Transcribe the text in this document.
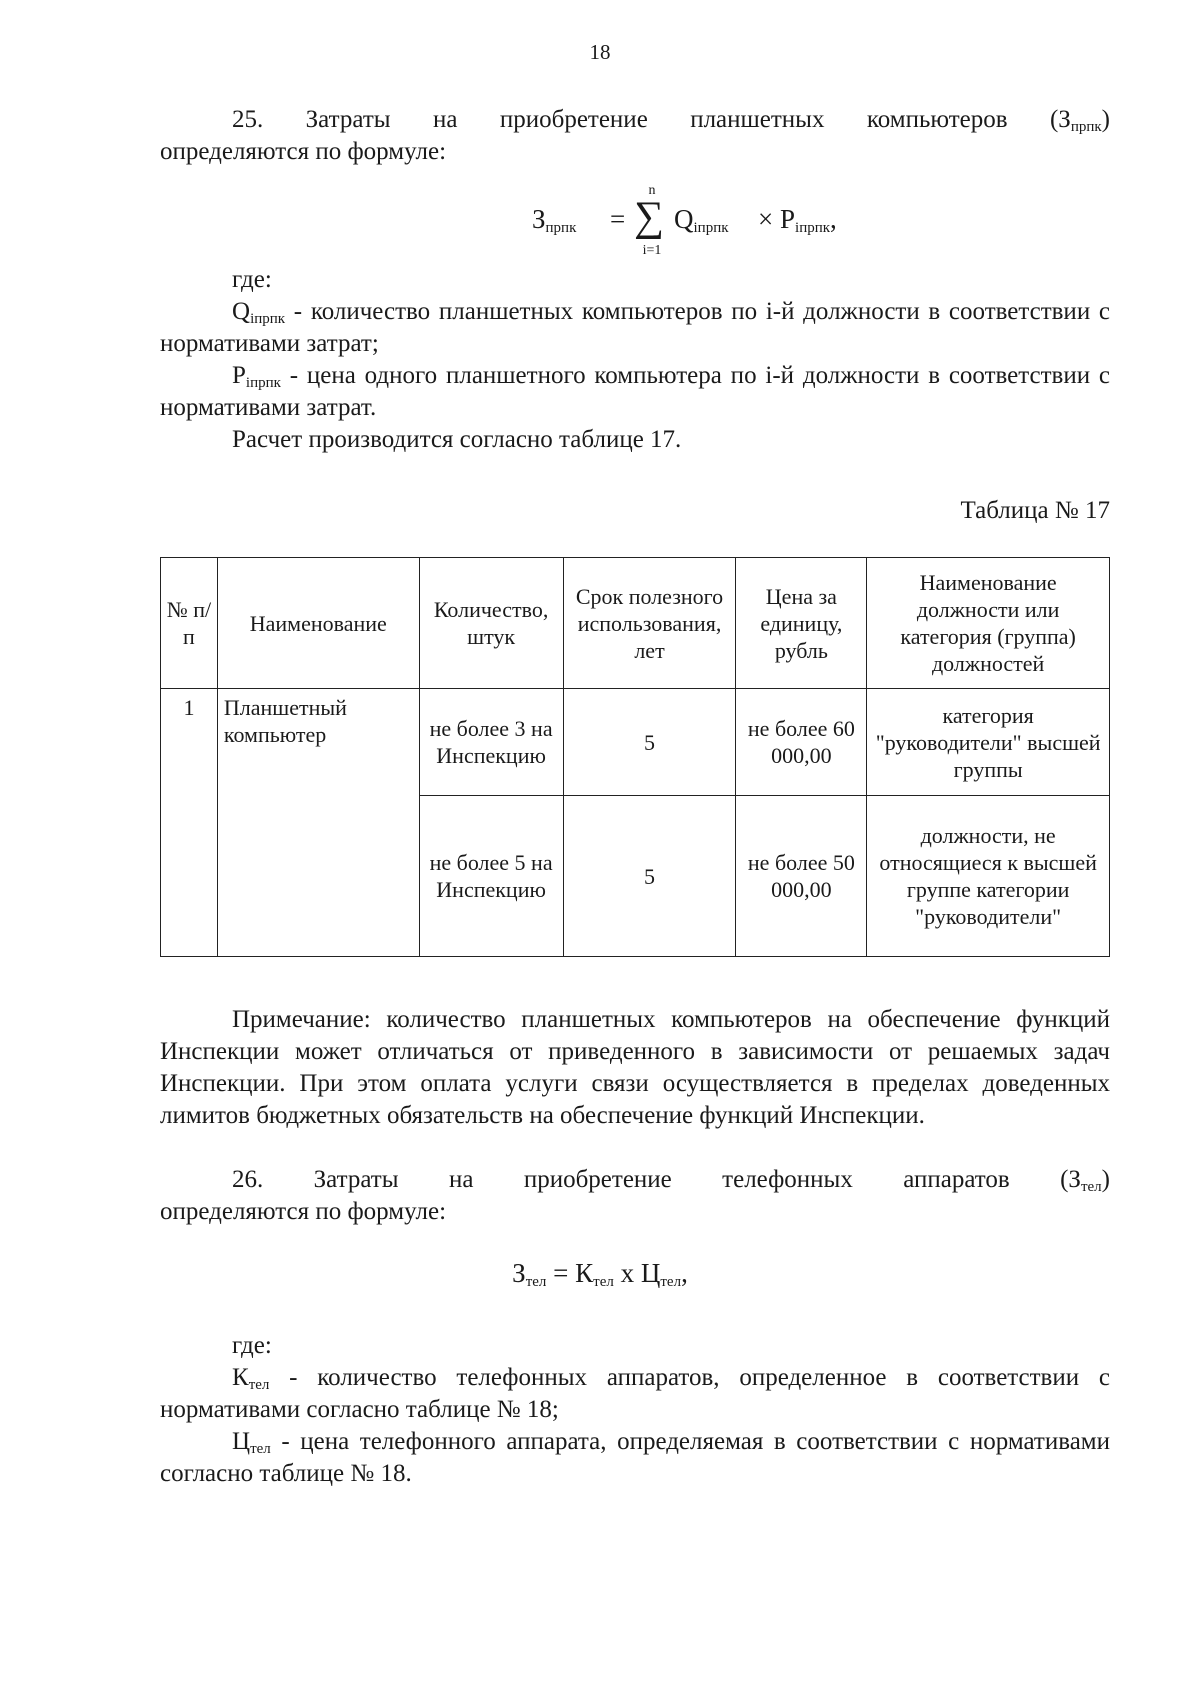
18
25. Затраты на приобретение планшетных компьютеров $(З_{прпк})$
определяются по формуле:
$З_{прпк}$ =
n
∑
i=1
$Q_{iпрпк} \times P_{iпрпк}$,
где:
$Q_{iпрпк}$ - количество планшетных компьютеров по i-й должности в соответствии с нормативами затрат;
$P_{iпрпк}$ - цена одного планшетного компьютера по i-й должности в соответствии с нормативами затрат.
Расчет производится согласно таблице 17.
Таблица № 17
№ п/п	Наименование	Количество, штук	Срок полезного использования, лет	Цена за единицу, рубль	Наименование должности или категория (группа) должностей
1	Планшетный компьютер	не более 3 на Инспекцию	5	не более 60 000,00	категория "руководители" высшей группы
		не более 5 на Инспекцию	5	не более 50 000,00	должности, не относящиеся к высшей группе категории "руководители"
Примечание: количество планшетных компьютеров на обеспечение функций Инспекции может отличаться от приведенного в зависимости от решаемых задач Инспекции. При этом оплата услуги связи осуществляется в пределах доведенных лимитов бюджетных обязательств на обеспечение функций Инспекции.
26. Затраты на приобретение телефонных аппаратов $(З_{тел})$
определяются по формуле:
$З_{тел} = К_{тел}$ х $Ц_{тел}$,
где:
$К_{тел}$ - количество телефонных аппаратов, определенное в соответствии с нормативами согласно таблице № 18;
$Ц_{тел}$ - цена телефонного аппарата, определяемая в соответствии с нормативами согласно таблице № 18.
